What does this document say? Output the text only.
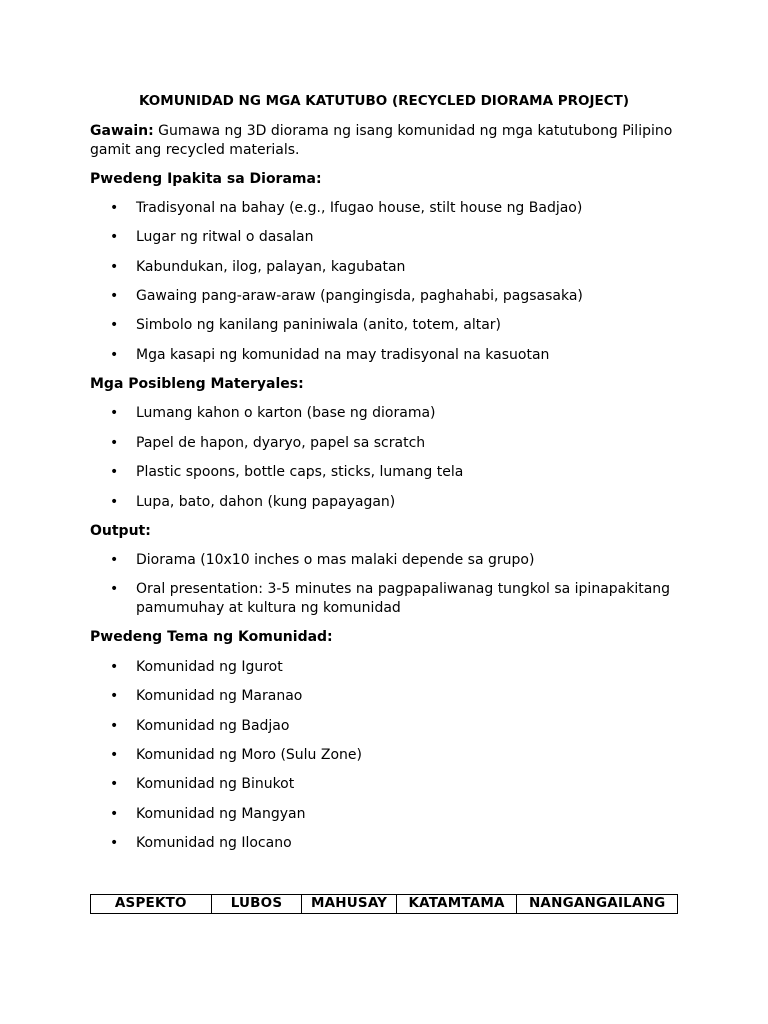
KOMUNIDAD NG MGA KATUTUBO (RECYCLED DIORAMA PROJECT)
Gawain: Gumawa ng 3D diorama ng isang komunidad ng mga katutubong Pilipino gamit ang recycled materials.
Pwedeng Ipakita sa Diorama:
• Tradisyonal na bahay (e.g., Ifugao house, stilt house ng Badjao)
• Lugar ng ritwal o dasalan
• Kabundukan, ilog, palayan, kagubatan
• Gawaing pang-araw-araw (pangingisda, paghahabi, pagsasaka)
• Simbolo ng kanilang paniniwala (anito, totem, altar)
• Mga kasapi ng komunidad na may tradisyonal na kasuotan
Mga Posibleng Materyales:
• Lumang kahon o karton (base ng diorama)
• Papel de hapon, dyaryo, papel sa scratch
• Plastic spoons, bottle caps, sticks, lumang tela
• Lupa, bato, dahon (kung papayagan)
Output:
• Diorama (10x10 inches o mas malaki depende sa grupo)
• Oral presentation: 3-5 minutes na pagpapaliwanag tungkol sa ipinapakitang pamumuhay at kultura ng komunidad
Pwedeng Tema ng Komunidad:
• Komunidad ng Igurot
• Komunidad ng Maranao
• Komunidad ng Badjao
• Komunidad ng Moro (Sulu Zone)
• Komunidad ng Binukot
• Komunidad ng Mangyan
• Komunidad ng Ilocano
ASPEKTO	LUBOS	MAHUSAY	KATAMTAMA	NANGANGAILANG
